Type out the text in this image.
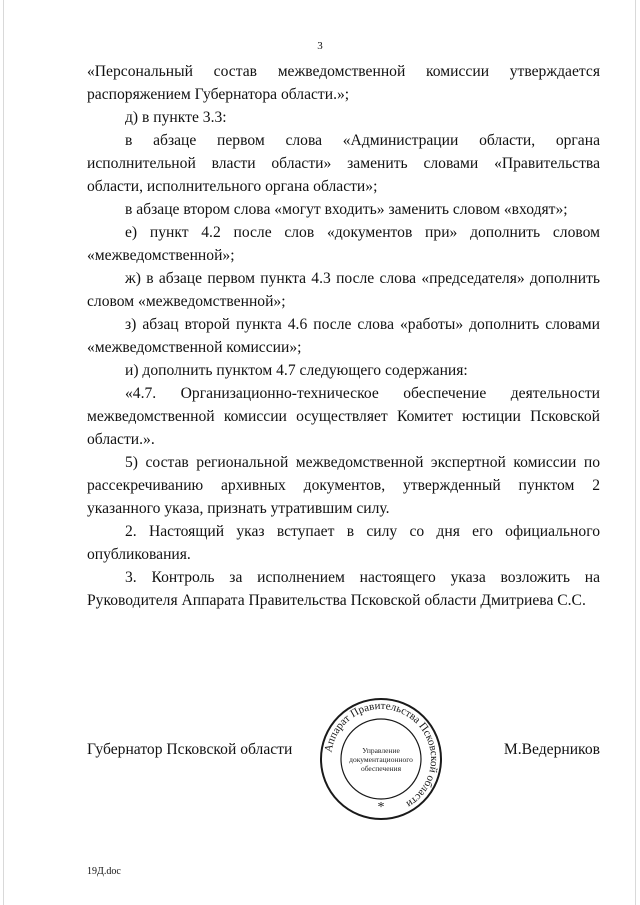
3

«Персональный состав межведомственной комиссии утверждается распоряжением Губернатора области.»;

д) в пункте 3.3:

в абзаце первом слова «Администрации области, органа исполнительной власти области» заменить словами «Правительства области, исполнительного органа области»;

в абзаце втором слова «могут входить» заменить словом «входят»;

е) пункт 4.2 после слов «документов при» дополнить словом «межведомственной»;

ж) в абзаце первом пункта 4.3 после слова «председателя» дополнить словом «межведомственной»;

з) абзац второй пункта 4.6 после слова «работы» дополнить словами «межведомственной комиссии»;

и) дополнить пунктом 4.7 следующего содержания:

«4.7. Организационно-техническое обеспечение деятельности межведомственной комиссии осуществляет Комитет юстиции Псковской области.».

5) состав региональной межведомственной экспертной комиссии по рассекречиванию архивных документов, утвержденный пунктом 2 указанного указа, признать утратившим силу.

2. Настоящий указ вступает в силу со дня его официального опубликования.

3. Контроль за исполнением настоящего указа возложить на Руководителя Аппарата Правительства Псковской области Дмитриева С.С.

Губернатор Псковской области	М.Ведерников
Аппарат Правительства Псковской области
Управление
документационного
обеспечения
*
19Д.doc
